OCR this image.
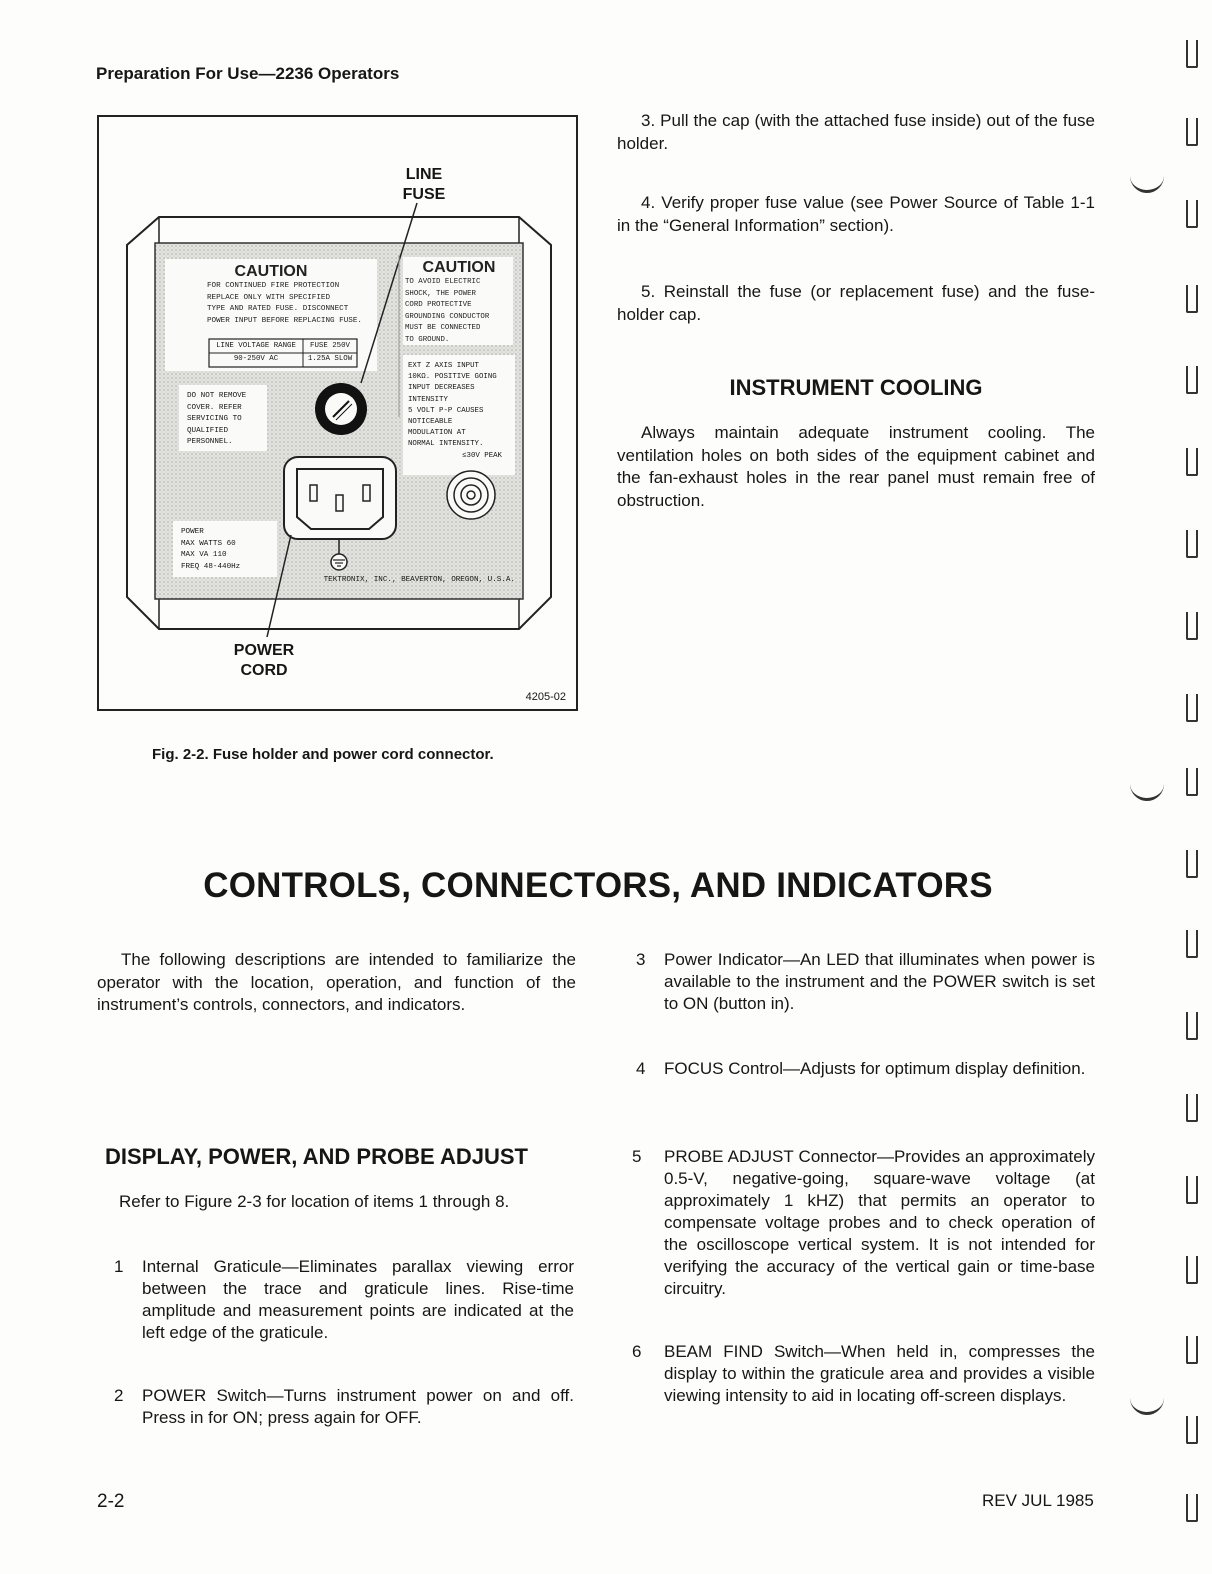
Preparation For Use—2236 Operators
LINE
FUSE
POWER
CORD
4205-02
CAUTION
FOR CONTINUED FIRE PROTECTION
REPLACE ONLY WITH SPECIFIED
TYPE AND RATED FUSE. DISCONNECT
POWER INPUT BEFORE REPLACING FUSE.
LINE VOLTAGE RANGE	FUSE 250V
90-250V AC	1.25A SLOW
CAUTION
TO AVOID ELECTRIC
SHOCK, THE POWER
CORD PROTECTIVE
GROUNDING CONDUCTOR
MUST BE CONNECTED
TO GROUND.
EXT Z AXIS INPUT
10KΩ. POSITIVE GOING
INPUT DECREASES
INTENSITY
5 VOLT P-P CAUSES
NOTICEABLE
MODULATION AT
NORMAL INTENSITY.
≤30V PEAK
DO NOT REMOVE
COVER. REFER
SERVICING TO
QUALIFIED
PERSONNEL.
POWER
MAX WATTS 60
MAX VA 110
FREQ 48-440Hz
TEKTRONIX, INC., BEAVERTON, OREGON, U.S.A.
Fig. 2-2. Fuse holder and power cord connector.
3. Pull the cap (with the attached fuse inside) out of the fuse holder.
4. Verify proper fuse value (see Power Source of Table 1-1 in the “General Information” section).
5. Reinstall the fuse (or replacement fuse) and the fuse-holder cap.
INSTRUMENT COOLING
Always maintain adequate instrument cooling. The ventilation holes on both sides of the equipment cabinet and the fan-exhaust holes in the rear panel must remain free of obstruction.
CONTROLS, CONNECTORS, AND INDICATORS
The following descriptions are intended to familiarize the operator with the location, operation, and function of the instrument’s controls, connectors, and indicators.
DISPLAY, POWER, AND PROBE ADJUST
Refer to Figure 2-3 for location of items 1 through 8.
1 Internal Graticule—Eliminates parallax viewing error between the trace and graticule lines. Rise-time amplitude and measurement points are indicated at the left edge of the graticule.
2 POWER Switch—Turns instrument power on and off. Press in for ON; press again for OFF.
3 Power Indicator—An LED that illuminates when power is available to the instrument and the POWER switch is set to ON (button in).
4 FOCUS Control—Adjusts for optimum display definition.
5 PROBE ADJUST Connector—Provides an approximately 0.5-V, negative-going, square-wave voltage (at approximately 1 kHZ) that permits an operator to compensate voltage probes and to check operation of the oscilloscope vertical system. It is not intended for verifying the accuracy of the vertical gain or time-base circuitry.
6 BEAM FIND Switch—When held in, compresses the display to within the graticule area and provides a visible viewing intensity to aid in locating off-screen displays.
2-2	REV JUL 1985
